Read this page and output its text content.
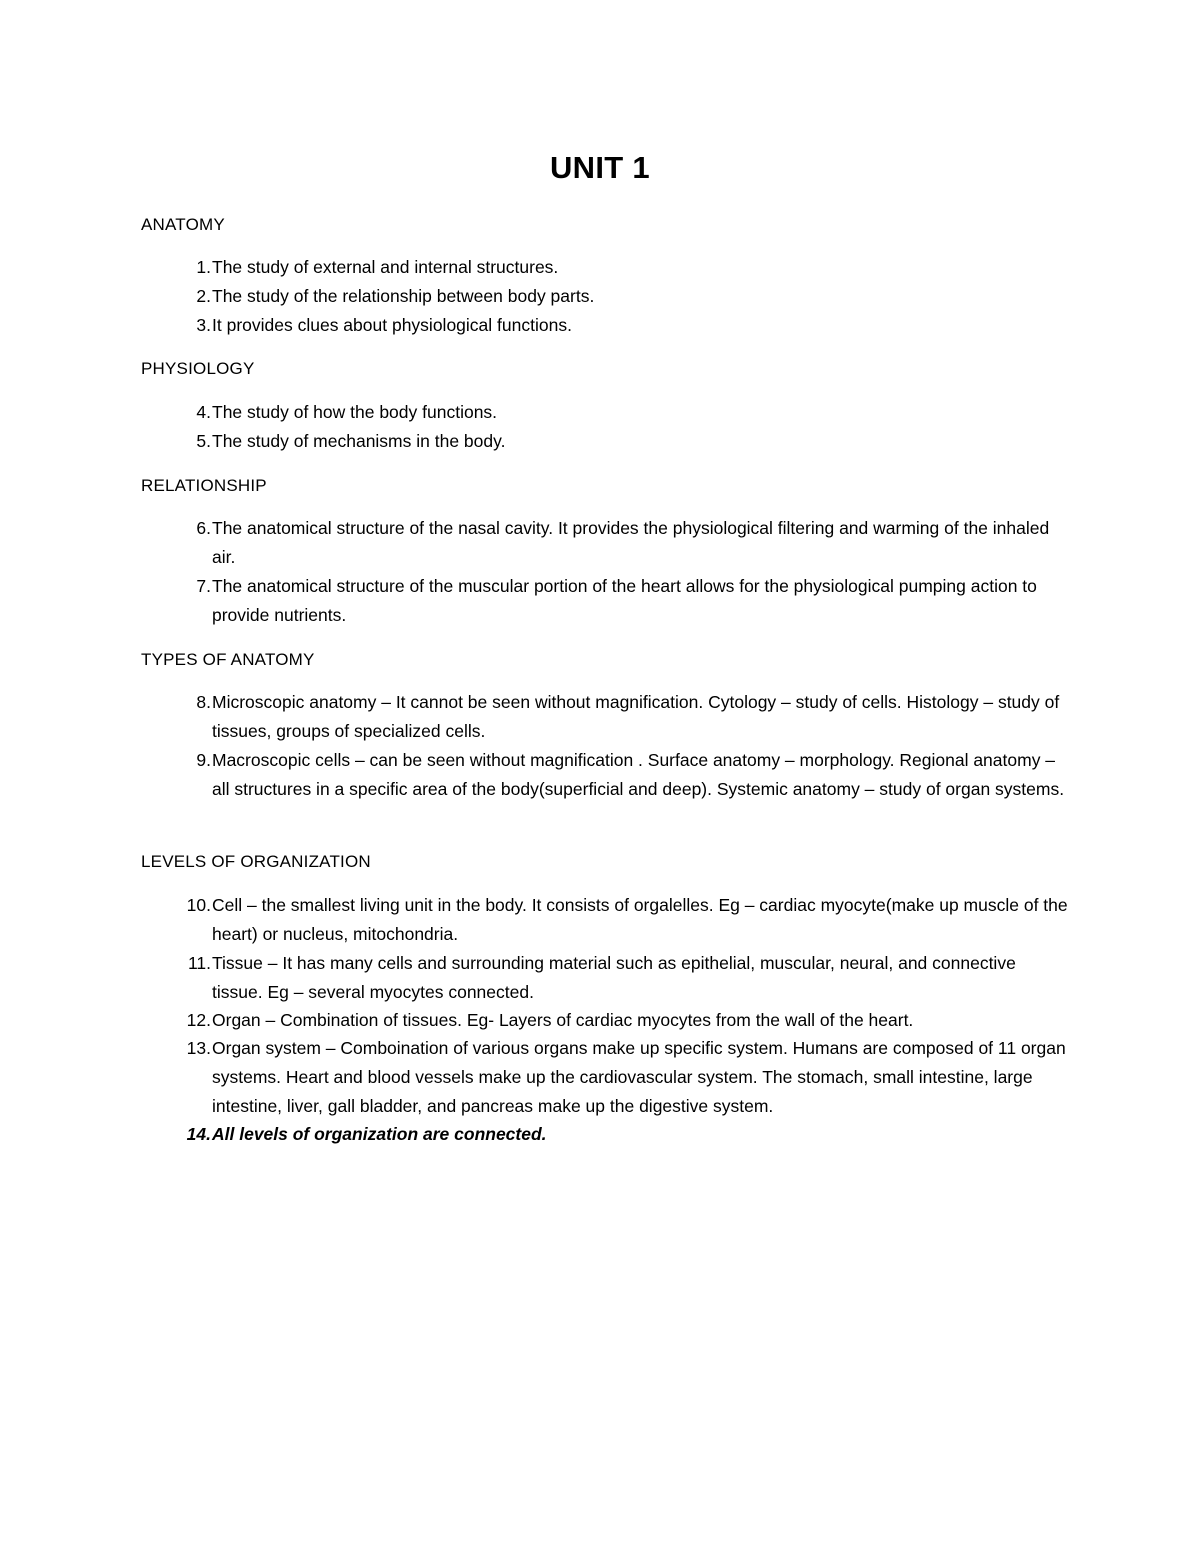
UNIT 1
ANATOMY
1. The study of external and internal structures.
2. The study of the relationship between body parts.
3. It provides clues about physiological functions.
PHYSIOLOGY
4. The study of how the body functions.
5. The study of mechanisms in the body.
RELATIONSHIP
6. The anatomical structure of the nasal cavity. It provides the physiological filtering and warming of the inhaled air.
7. The anatomical structure of the muscular portion of the heart allows for the physiological pumping action to provide nutrients.
TYPES OF ANATOMY
8. Microscopic anatomy – It cannot be seen without magnification. Cytology – study of cells. Histology – study of tissues, groups of specialized cells.
9. Macroscopic cells – can be seen without magnification . Surface anatomy – morphology. Regional anatomy – all structures in a specific area of the body(superficial and deep). Systemic anatomy – study of organ systems.
LEVELS OF ORGANIZATION
10. Cell – the smallest living unit in the body. It consists of orgalelles. Eg – cardiac myocyte(make up muscle of the heart) or nucleus, mitochondria.
11. Tissue – It has many cells and surrounding material such as epithelial, muscular, neural, and connective tissue. Eg – several myocytes connected.
12. Organ – Combination of tissues. Eg- Layers of cardiac myocytes from the wall of the heart.
13. Organ system – Comboination of various organs make up specific system. Humans are composed of 11 organ systems. Heart and blood vessels make up the cardiovascular system. The stomach, small intestine, large intestine, liver, gall bladder, and pancreas make up the digestive system.
14. All levels of organization are connected.
